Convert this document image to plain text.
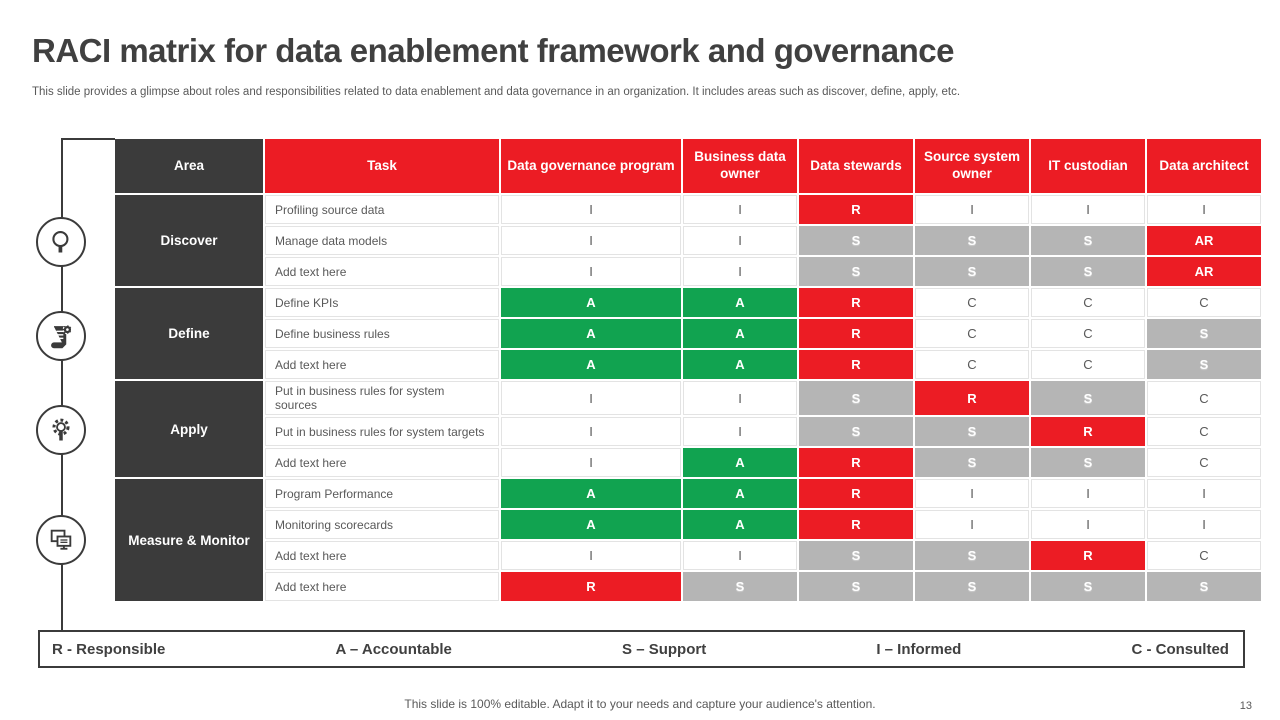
RACI matrix for data enablement framework and governance
This slide provides a glimpse about roles and responsibilities related to data enablement and data governance in an organization. It includes areas such as discover, define, apply, etc.
Area	Task	Data governance program	Business data owner	Data stewards	Source system owner	IT custodian	Data architect
Discover	Profiling source data	I	I	R	I	I	I
	Manage data models	I	I	S	S	S	AR
	Add text here	I	I	S	S	S	AR
Define	Define KPIs	A	A	R	C	C	C
	Define business rules	A	A	R	C	C	S
	Add text here	A	A	R	C	C	S
Apply	Put in business rules for system sources	I	I	S	R	S	C
	Put in business rules for system targets	I	I	S	S	R	C
	Add text here	I	A	R	S	S	C
Measure & Monitor	Program Performance	A	A	R	I	I	I
	Monitoring scorecards	A	A	R	I	I	I
	Add text here	I	I	S	S	R	C
	Add text here	R	S	S	S	S	S
R - Responsible	A – Accountable	S – Support	I – Informed	C - Consulted
This slide is 100% editable. Adapt it to your needs and capture your audience's attention.	13
